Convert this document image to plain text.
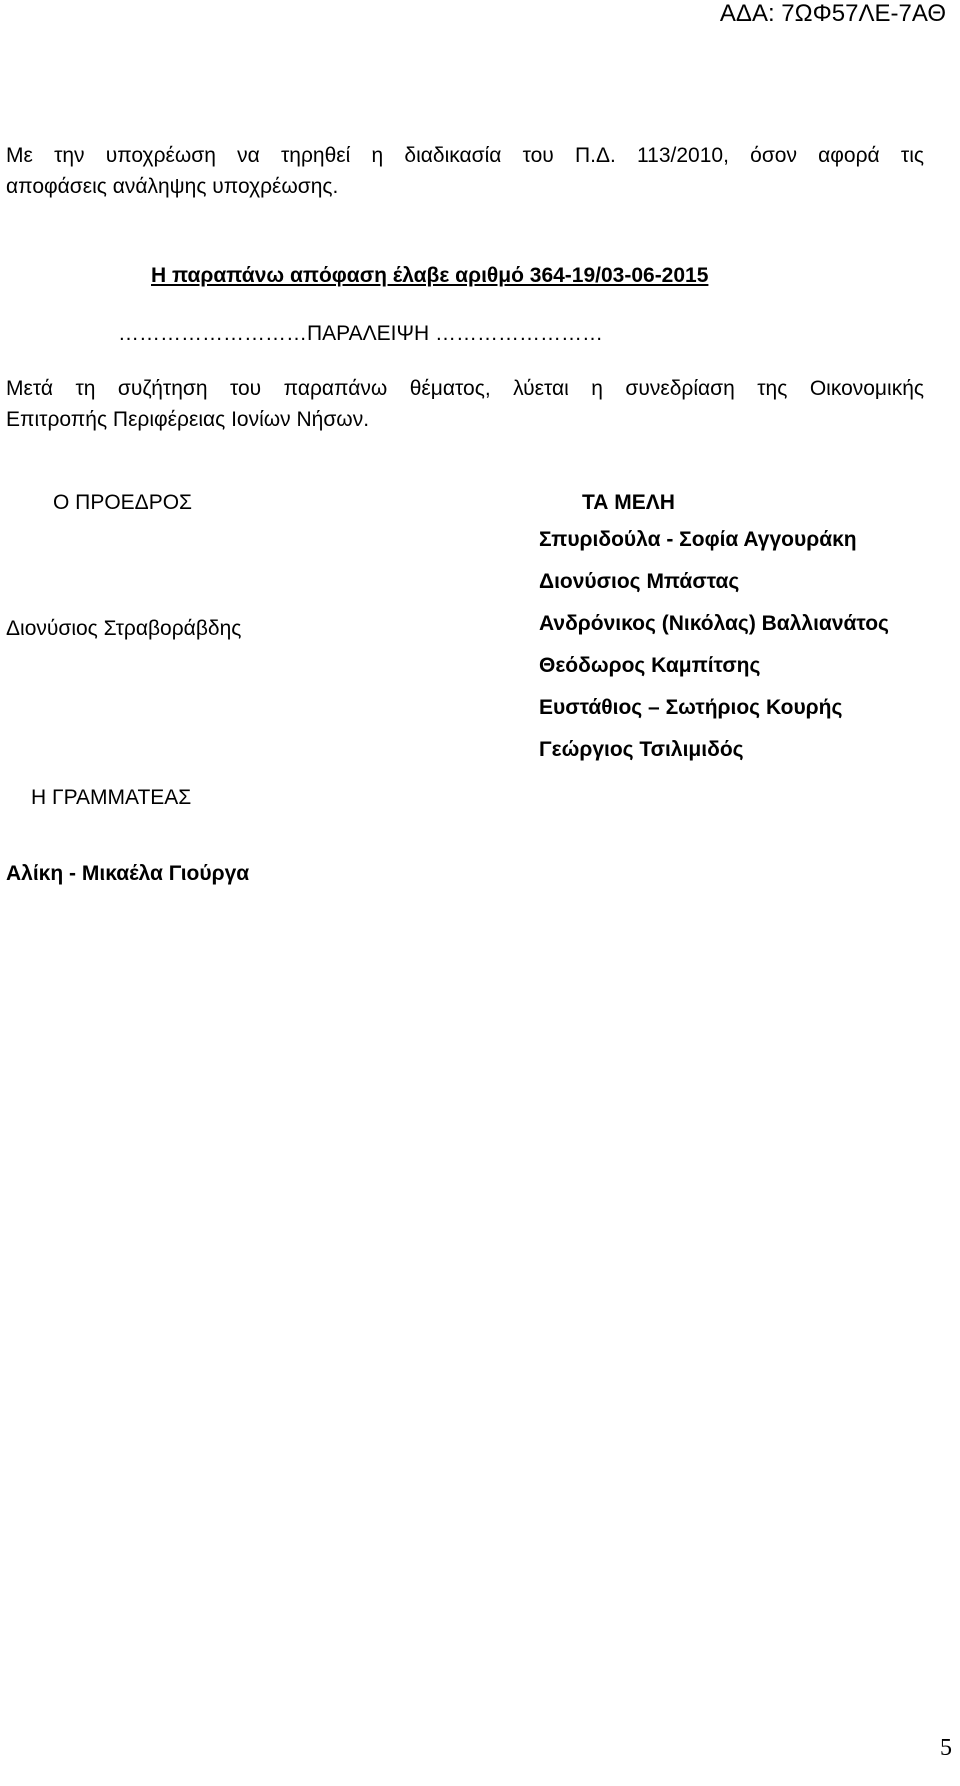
ΑΔΑ: 7ΩΦ57ΛΕ-7ΑΘ
Με την υποχρέωση να τηρηθεί η διαδικασία του Π.Δ. 113/2010, όσον αφορά τις
αποφάσεις ανάληψης υποχρέωσης.
Η παραπάνω απόφαση έλαβε αριθμό 364-19/03-06-2015
………………………ΠΑΡΑΛΕΙΨΗ ……………………
Μετά τη συζήτηση του παραπάνω θέματος, λύεται η συνεδρίαση της Οικονομικής
Επιτροπής Περιφέρειας Ιονίων Νήσων.
Ο ΠΡΟΕΔΡΟΣ
Διονύσιος Στραβοράβδης
Η ΓΡΑΜΜΑΤΕΑΣ
Αλίκη - Μικαέλα Γιούργα
ΤΑ ΜΕΛΗ
Σπυριδούλα - Σοφία Αγγουράκη
Διονύσιος Μπάστας
Ανδρόνικος (Νικόλας) Βαλλιανάτος
Θεόδωρος Καμπίτσης
Ευστάθιος – Σωτήριος Κουρής
Γεώργιος Τσιλιμιδός
5
